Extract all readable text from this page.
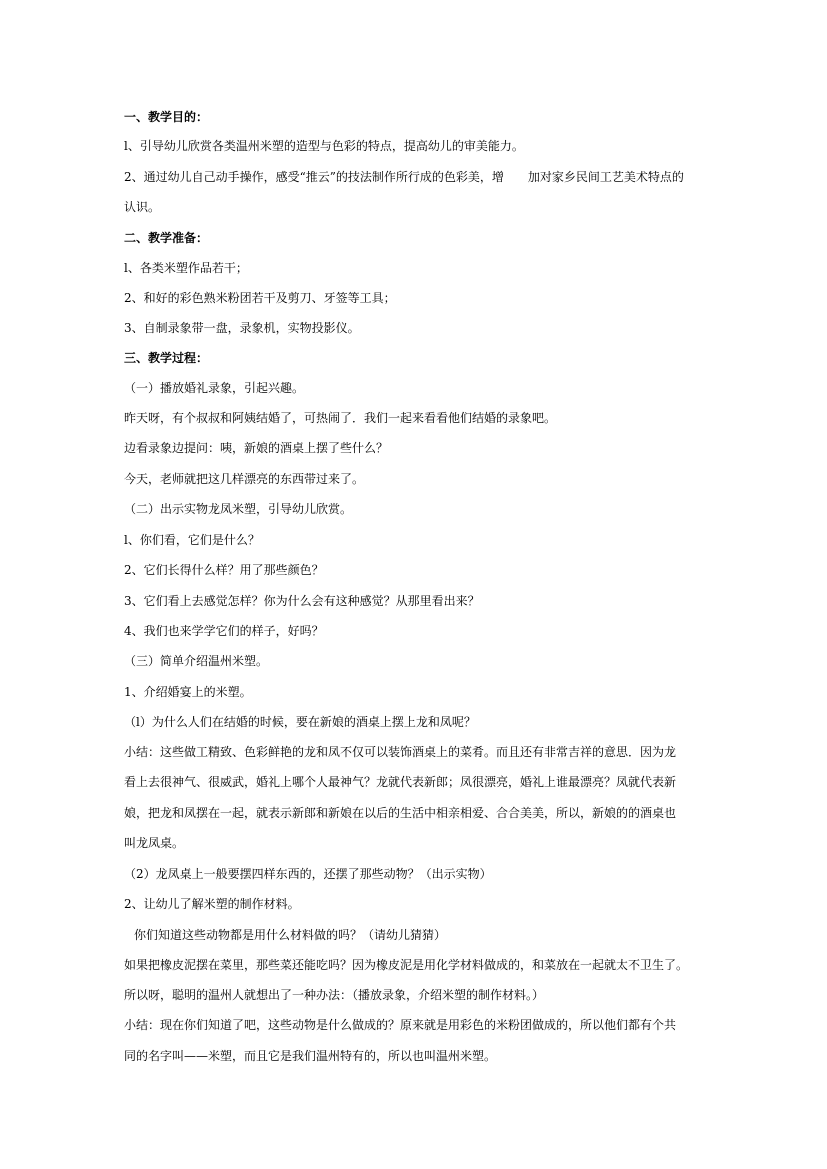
一、教学目的：
l、引导幼儿欣赏各类温州米塑的造型与色彩的特点，提高幼儿的审美能力。
2、通过幼儿自己动手操作，感受“推云”的技法制作所行成的色彩美，增　　加对家乡民间工艺美术特点的
认识。
二、教学准备：
l、各类米塑作品若干；
2、和好的彩色熟米粉团若干及剪刀、牙签等工具；
3、自制录象带一盘，录象机，实物投影仪。
三、教学过程：
（一）播放婚礼录象，引起兴趣。
昨天呀，有个叔叔和阿姨结婚了，可热闹了．我们一起来看看他们结婚的录象吧。
边看录象边提问：咦，新娘的酒桌上摆了些什么？
今天，老师就把这几样漂亮的东西带过来了。
（二）出示实物龙凤米塑，引导幼儿欣赏。
l、你们看，它们是什么？
2、它们长得什么样？用了那些颜色？
3、它们看上去感觉怎样？你为什么会有这种感觉？从那里看出来？
4、我们也来学学它们的样子，好吗？
（三）简单介绍温州米塑。
1、介绍婚宴上的米塑。
（l）为什么人们在结婚的时候，要在新娘的酒桌上摆上龙和凤呢？
小结：这些做工精致、色彩鲜艳的龙和凤不仅可以装饰酒桌上的菜肴。而且还有非常吉祥的意思．因为龙
看上去很神气、很威武，婚礼上哪个人最神气？龙就代表新郎；凤很漂亮，婚礼上谁最漂亮？凤就代表新
娘，把龙和凤摆在一起，就表示新郎和新娘在以后的生活中相亲相爱、合合美美，所以，新娘的的酒桌也
叫龙凤桌。
（2）龙凤桌上一般要摆四样东西的，还摆了那些动物？（出示实物）
2、让幼儿了解米塑的制作材料。
你们知道这些动物都是用什么材料做的吗？（请幼儿猜猜）
如果把橡皮泥摆在菜里，那些菜还能吃吗？因为橡皮泥是用化学材料做成的，和菜放在一起就太不卫生了。
所以呀，聪明的温州人就想出了一种办法：（播放录象，介绍米塑的制作材料。）
小结：现在你们知道了吧，这些动物是什么做成的？原来就是用彩色的米粉团做成的，所以他们都有个共
同的名字叫——米塑，而且它是我们温州特有的，所以也叫温州米塑。
